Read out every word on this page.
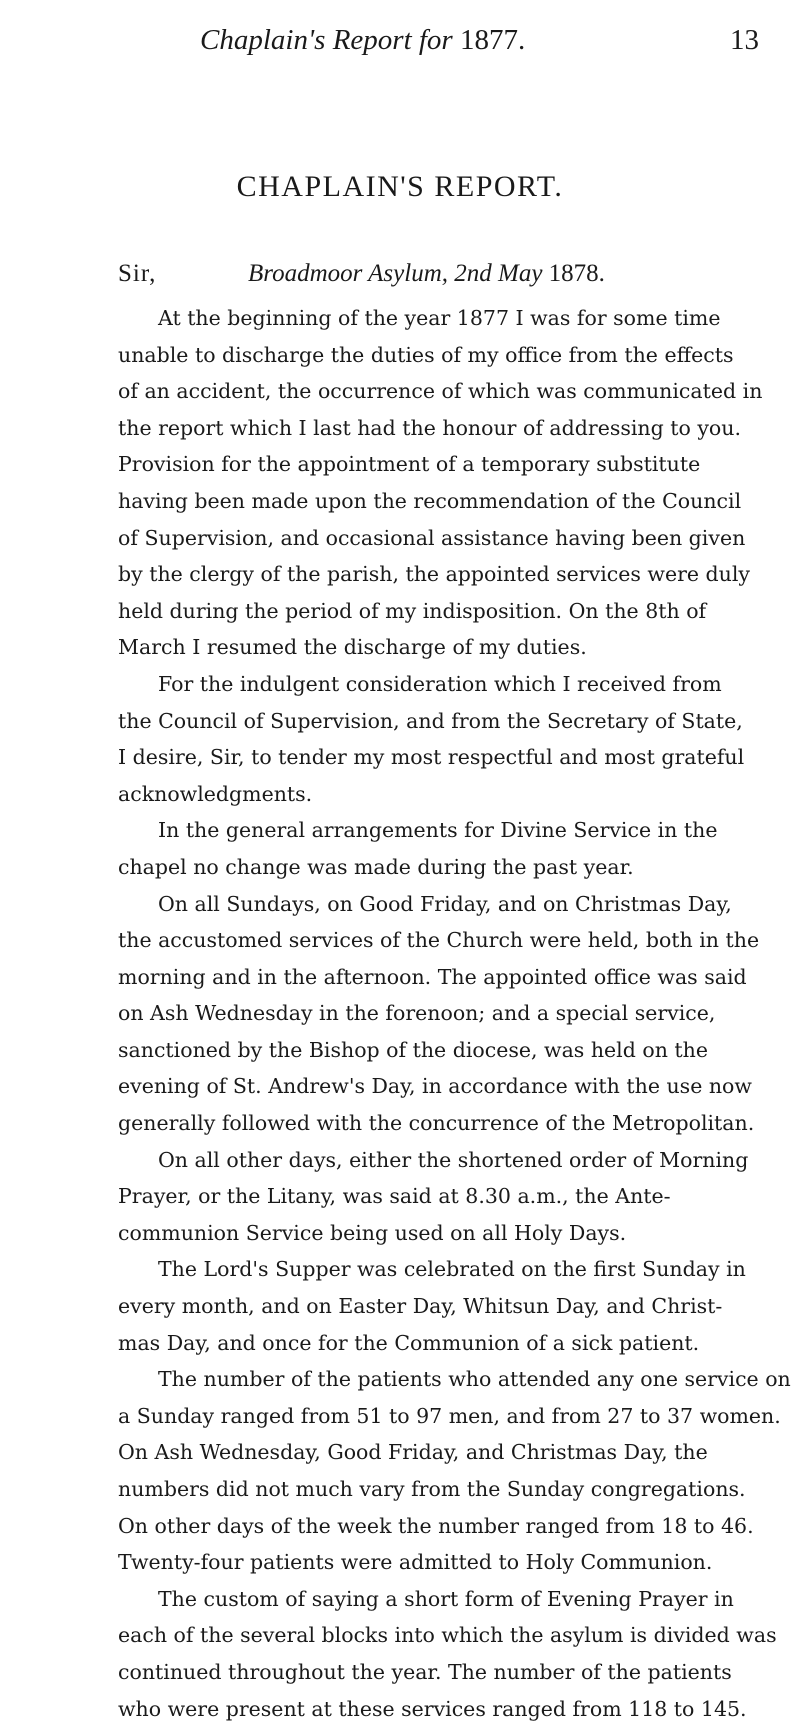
Chaplain's Report for 1877.	13
CHAPLAIN'S REPORT.
Sir,	Broadmoor Asylum, 2nd May 1878.
At the beginning of the year 1877 I was for some time
unable to discharge the duties of my office from the effects
of an accident, the occurrence of which was communicated in
the report which I last had the honour of addressing to you.
Provision for the appointment of a temporary substitute
having been made upon the recommendation of the Council
of Supervision, and occasional assistance having been given
by the clergy of the parish, the appointed services were duly
held during the period of my indisposition. On the 8th of
March I resumed the discharge of my duties.
For the indulgent consideration which I received from
the Council of Supervision, and from the Secretary of State,
I desire, Sir, to tender my most respectful and most grateful
acknowledgments.
In the general arrangements for Divine Service in the
chapel no change was made during the past year.
On all Sundays, on Good Friday, and on Christmas Day,
the accustomed services of the Church were held, both in the
morning and in the afternoon. The appointed office was said
on Ash Wednesday in the forenoon; and a special service,
sanctioned by the Bishop of the diocese, was held on the
evening of St. Andrew's Day, in accordance with the use now
generally followed with the concurrence of the Metropolitan.
On all other days, either the shortened order of Morning
Prayer, or the Litany, was said at 8.30 a.m., the Ante-
communion Service being used on all Holy Days.
The Lord's Supper was celebrated on the first Sunday in
every month, and on Easter Day, Whitsun Day, and Christ-
mas Day, and once for the Communion of a sick patient.
The number of the patients who attended any one service on
a Sunday ranged from 51 to 97 men, and from 27 to 37 women.
On Ash Wednesday, Good Friday, and Christmas Day, the
numbers did not much vary from the Sunday congregations.
On other days of the week the number ranged from 18 to 46.
Twenty-four patients were admitted to Holy Communion.
The custom of saying a short form of Evening Prayer in
each of the several blocks into which the asylum is divided was
continued throughout the year. The number of the patients
who were present at these services ranged from 118 to 145.
